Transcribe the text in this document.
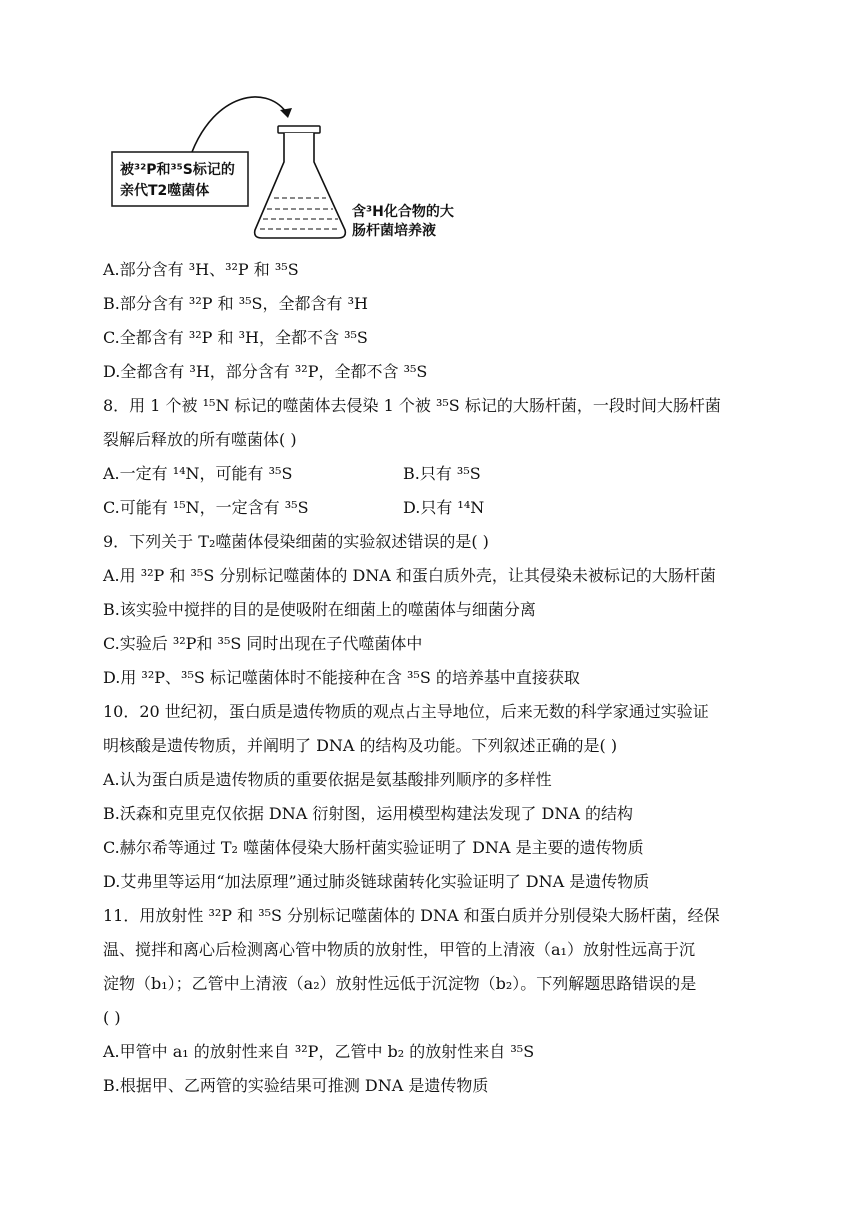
被³²P和³⁵S标记的
亲代T2噬菌体
含³H化合物的大
肠杆菌培养液
A.部分含有 ³H、³²P 和 ³⁵S
B.部分含有 ³²P 和 ³⁵S，全都含有 ³H
C.全都含有 ³²P 和 ³H，全都不含 ³⁵S
D.全都含有 ³H，部分含有 ³²P，全都不含 ³⁵S
8．用 1 个被 ¹⁵N 标记的噬菌体去侵染 1 个被 ³⁵S 标记的大肠杆菌，一段时间大肠杆菌
裂解后释放的所有噬菌体( )
A.一定有 ¹⁴N，可能有 ³⁵S	B.只有 ³⁵S
C.可能有 ¹⁵N，一定含有 ³⁵S	D.只有 ¹⁴N
9．下列关于 T₂噬菌体侵染细菌的实验叙述错误的是( )
A.用 ³²P 和 ³⁵S 分别标记噬菌体的 DNA 和蛋白质外壳，让其侵染未被标记的大肠杆菌
B.该实验中搅拌的目的是使吸附在细菌上的噬菌体与细菌分离
C.实验后 ³²P和 ³⁵S 同时出现在子代噬菌体中
D.用 ³²P、³⁵S 标记噬菌体时不能接种在含 ³⁵S 的培养基中直接获取
10．20 世纪初，蛋白质是遗传物质的观点占主导地位，后来无数的科学家通过实验证
明核酸是遗传物质，并阐明了 DNA 的结构及功能。下列叙述正确的是( )
A.认为蛋白质是遗传物质的重要依据是氨基酸排列顺序的多样性
B.沃森和克里克仅依据 DNA 衍射图，运用模型构建法发现了 DNA 的结构
C.赫尔希等通过 T₂ 噬菌体侵染大肠杆菌实验证明了 DNA 是主要的遗传物质
D.艾弗里等运用“加法原理”通过肺炎链球菌转化实验证明了 DNA 是遗传物质
11．用放射性 ³²P 和 ³⁵S 分别标记噬菌体的 DNA 和蛋白质并分别侵染大肠杆菌，经保
温、搅拌和离心后检测离心管中物质的放射性，甲管的上清液（a₁）放射性远高于沉
淀物（b₁）；乙管中上清液（a₂）放射性远低于沉淀物（b₂）。下列解题思路错误的是
( )
A.甲管中 a₁ 的放射性来自 ³²P，乙管中 b₂ 的放射性来自 ³⁵S
B.根据甲、乙两管的实验结果可推测 DNA 是遗传物质
